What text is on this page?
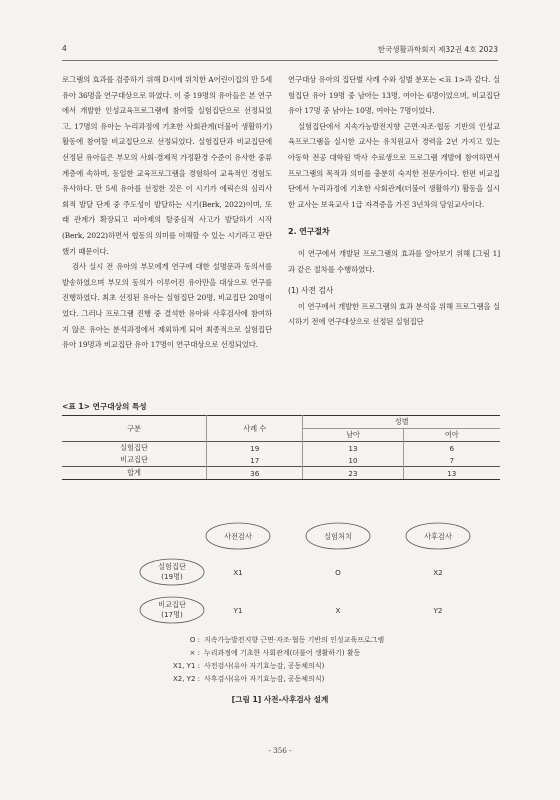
4	한국생활과학회지 제32권 4호 2023

로그램의 효과를 검증하기 위해 D시에 위치한 A어린이집의 만 5세 유아 36명을 연구대상으로 하였다. 이 중 19명의 유아들은 본 연구에서 개발한 인성교육프로그램에 참여할 실험집단으로 선정되었고, 17명의 유아는 누리과정에 기초한 사회관계(더불어 생활하기) 활동에 참여할 비교집단으로 선정되었다. 실험집단과 비교집단에 선정된 유아들은 부모의 사회·경제적 가정환경 수준이 유사한 중류계층에 속하며, 동일한 교육프로그램을 경험하여 교육적인 경험도 유사하다. 만 5세 유아를 선정한 것은 이 시기가 에릭슨의 심리사회적 발달 단계 중 주도성이 발달하는 시기(Berk, 2022)이며, 또래 관계가 확장되고 피아제의 탈중심적 사고가 발달하기 시작(Berk, 2022)하면서 협동의 의미를 이해할 수 있는 시기라고 판단했기 때문이다.

검사 실시 전 유아의 부모에게 연구에 대한 설명문과 동의서를 발송하였으며 부모의 동의가 이루어진 유아만을 대상으로 연구를 진행하였다. 최초 선정된 유아는 실험집단 20명, 비교집단 20명이었다. 그러나 프로그램 진행 중 결석한 유아와 사후검사에 참여하지 않은 유아는 분석과정에서 제외하게 되어 최종적으로 실험집단 유아 19명과 비교집단 유아 17명이 연구대상으로 선정되었다.

연구대상 유아의 집단별 사례 수와 성별 분포는 <표 1>과 같다. 실험집단 유아 19명 중 남아는 13명, 여아는 6명이었으며, 비교집단 유아 17명 중 남아는 10명, 여아는 7명이었다.

실험집단에서 지속가능발전지향 근면·자조·협동 기반의 인성교육프로그램을 실시한 교사는 유치원교사 경력을 2년 가지고 있는 아동학 전공 대학원 박사 수료생으로 프로그램 개발에 참여하면서 프로그램의 목적과 의미를 충분히 숙지한 전문가이다. 한편 비교집단에서 누리과정에 기초한 사회관계(더불어 생활하기) 활동을 실시한 교사는 보육교사 1급 자격증을 가진 3년차의 담임교사이다.

2. 연구절차

이 연구에서 개발된 프로그램의 효과를 알아보기 위해 [그림 1]과 같은 절차를 수행하였다.

(1) 사전 검사

이 연구에서 개발한 프로그램의 효과 분석을 위해 프로그램을 실시하기 전에 연구대상으로 선정된 실험집단

<표 1> 연구대상의 특성
구분	사례 수	성별	
		남아	여아
실험집단	19	13	6
비교집단	17	10	7
합계	36	23	13
사전검사	실험처치	사후검사
실험집단
(19명)	X1	O	X2
비교집단
(17명)	Y1	X	Y2
O : 지속가능발전지향 근면·자조·협동 기반의 인성교육프로그램
× : 누리과정에 기초한 사회관계(더불어 생활하기) 활동
X1, Y1 : 사전검사(유아 자기효능감, 공동체의식)
X2, Y2 : 사후검사(유아 자기효능감, 공동체의식)
[그림 1] 사전-사후검사 설계
- 356 -
